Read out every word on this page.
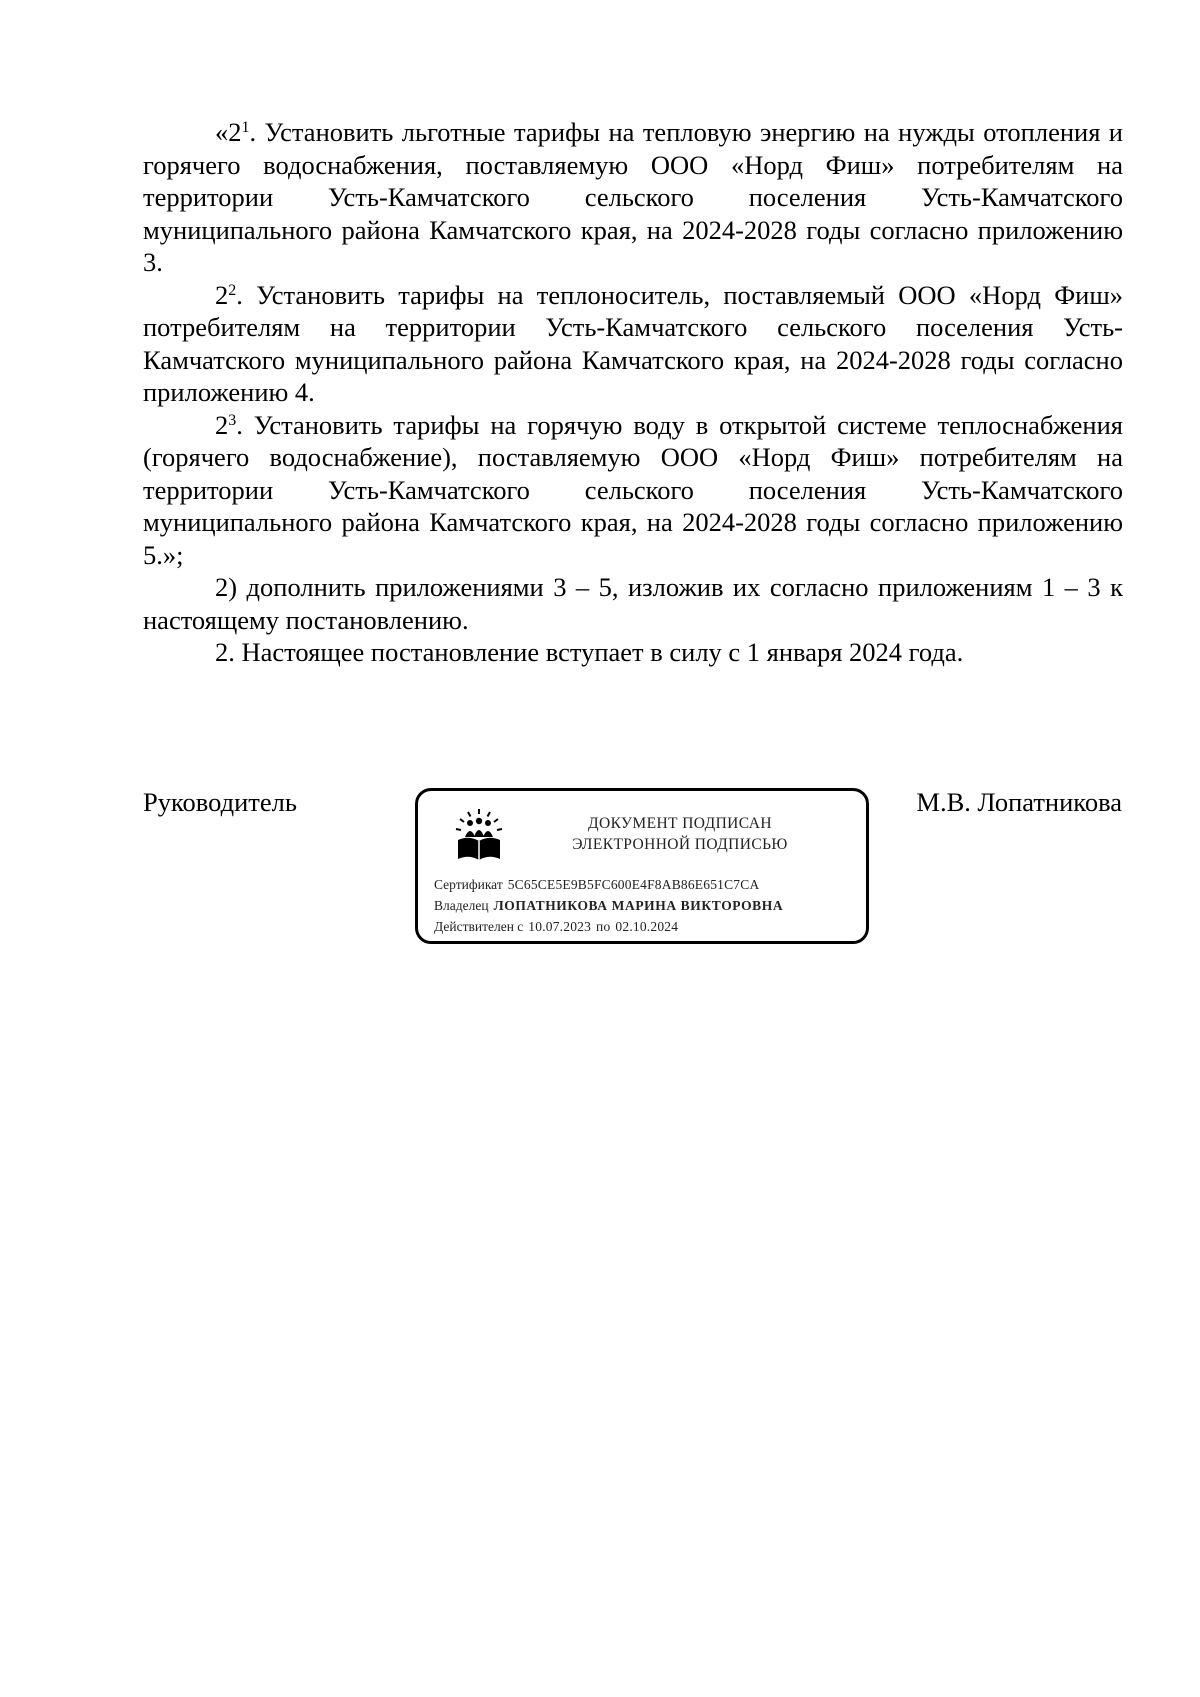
«$2^1$. Установить льготные тарифы на тепловую энергию на нужды отопления и горячего водоснабжения, поставляемую ООО «Норд Фиш» потребителям на территории Усть-Камчатского сельского поселения Усть-Камчатского муниципального района Камчатского края, на 2024-2028 годы согласно приложению 3.

$2^2$. Установить тарифы на теплоноситель, поставляемый ООО «Норд Фиш» потребителям на территории Усть-Камчатского сельского поселения Усть-Камчатского муниципального района Камчатского края, на 2024-2028 годы согласно приложению 4.

$2^3$. Установить тарифы на горячую воду в открытой системе теплоснабжения (горячего водоснабжение), поставляемую ООО «Норд Фиш» потребителям на территории Усть-Камчатского сельского поселения Усть-Камчатского муниципального района Камчатского края, на 2024-2028 годы согласно приложению 5.»;

2) дополнить приложениями 3 – 5, изложив их согласно приложениям 1 – 3 к настоящему постановлению.

2. Настоящее постановление вступает в силу с 1 января 2024 года.

Руководитель	М.В. Лопатникова
ДОКУМЕНТ ПОДПИСАН
ЭЛЕКТРОННОЙ ПОДПИСЬЮ
Сертификат 5C65CE5E9B5FC600E4F8AB86E651C7CA
Владелец ЛОПАТНИКОВА МАРИНА ВИКТОРОВНА
Действителен с 10.07.2023 по 02.10.2024
